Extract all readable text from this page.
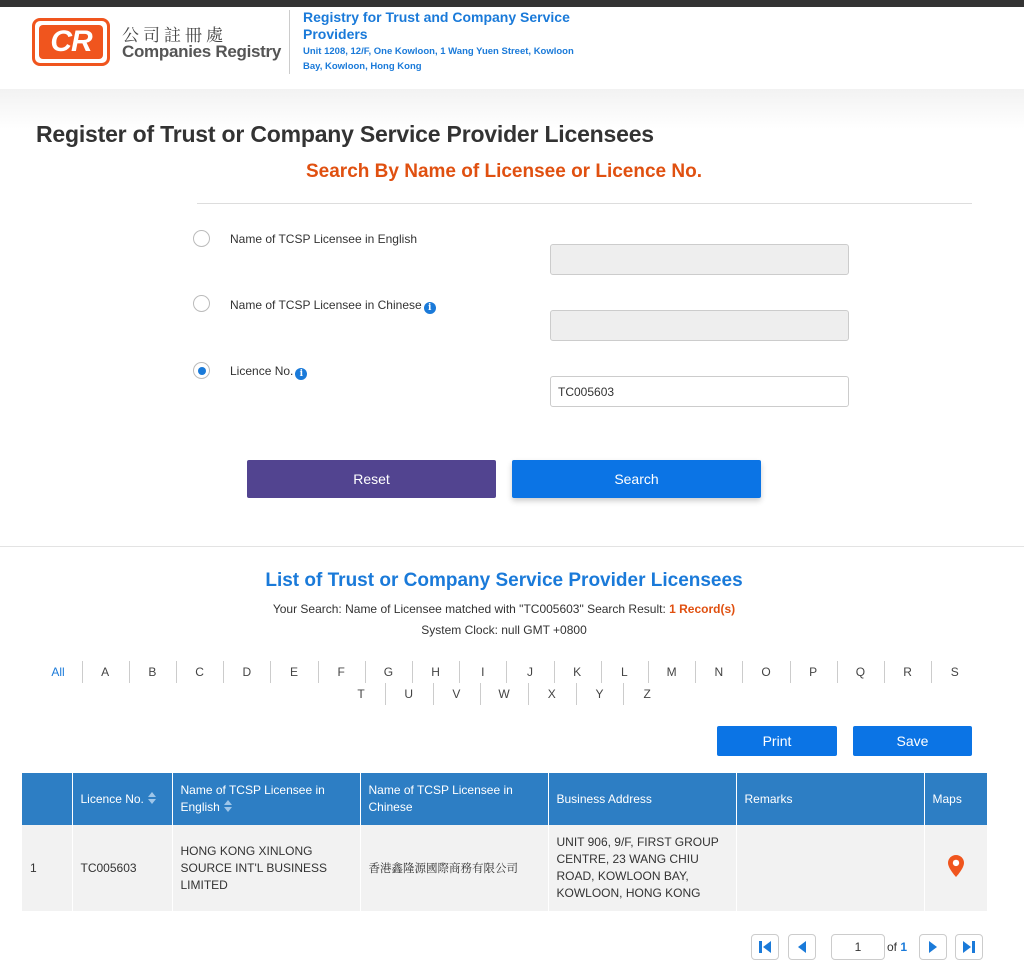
CR	公司註冊處
Companies Registry
Registry for Trust and Company Service Providers
Unit 1208, 12/F, One Kowloon, 1 Wang Yuen Street, Kowloon Bay, Kowloon, Hong Kong
Register of Trust or Company Service Provider Licensees
Search By Name of Licensee or Licence No.
Name of TCSP Licensee in English
Name of TCSP Licensee in Chinese i
Licence No. i
TC005603
Reset	Search
List of Trust or Company Service Provider Licensees
Your Search: Name of Licensee matched with "TC005603" Search Result: 1 Record(s)
System Clock: null GMT +0800
All	A	B	C	D	E	F	G	H	I	J	K	L	M	N	O	P	Q	R	S
T	U	V	W	X	Y	Z
Print	Save
	Licence No.	Name of TCSP Licensee in English	Name of TCSP Licensee in Chinese	Business Address	Remarks	Maps
1	TC005603	HONG KONG XINLONG SOURCE INT'L BUSINESS LIMITED	香港鑫隆源國際商務有限公司	UNIT 906, 9/F, FIRST GROUP CENTRE, 23 WANG CHIU ROAD, KOWLOON BAY, KOWLOON, HONG KONG		
1
of 1
